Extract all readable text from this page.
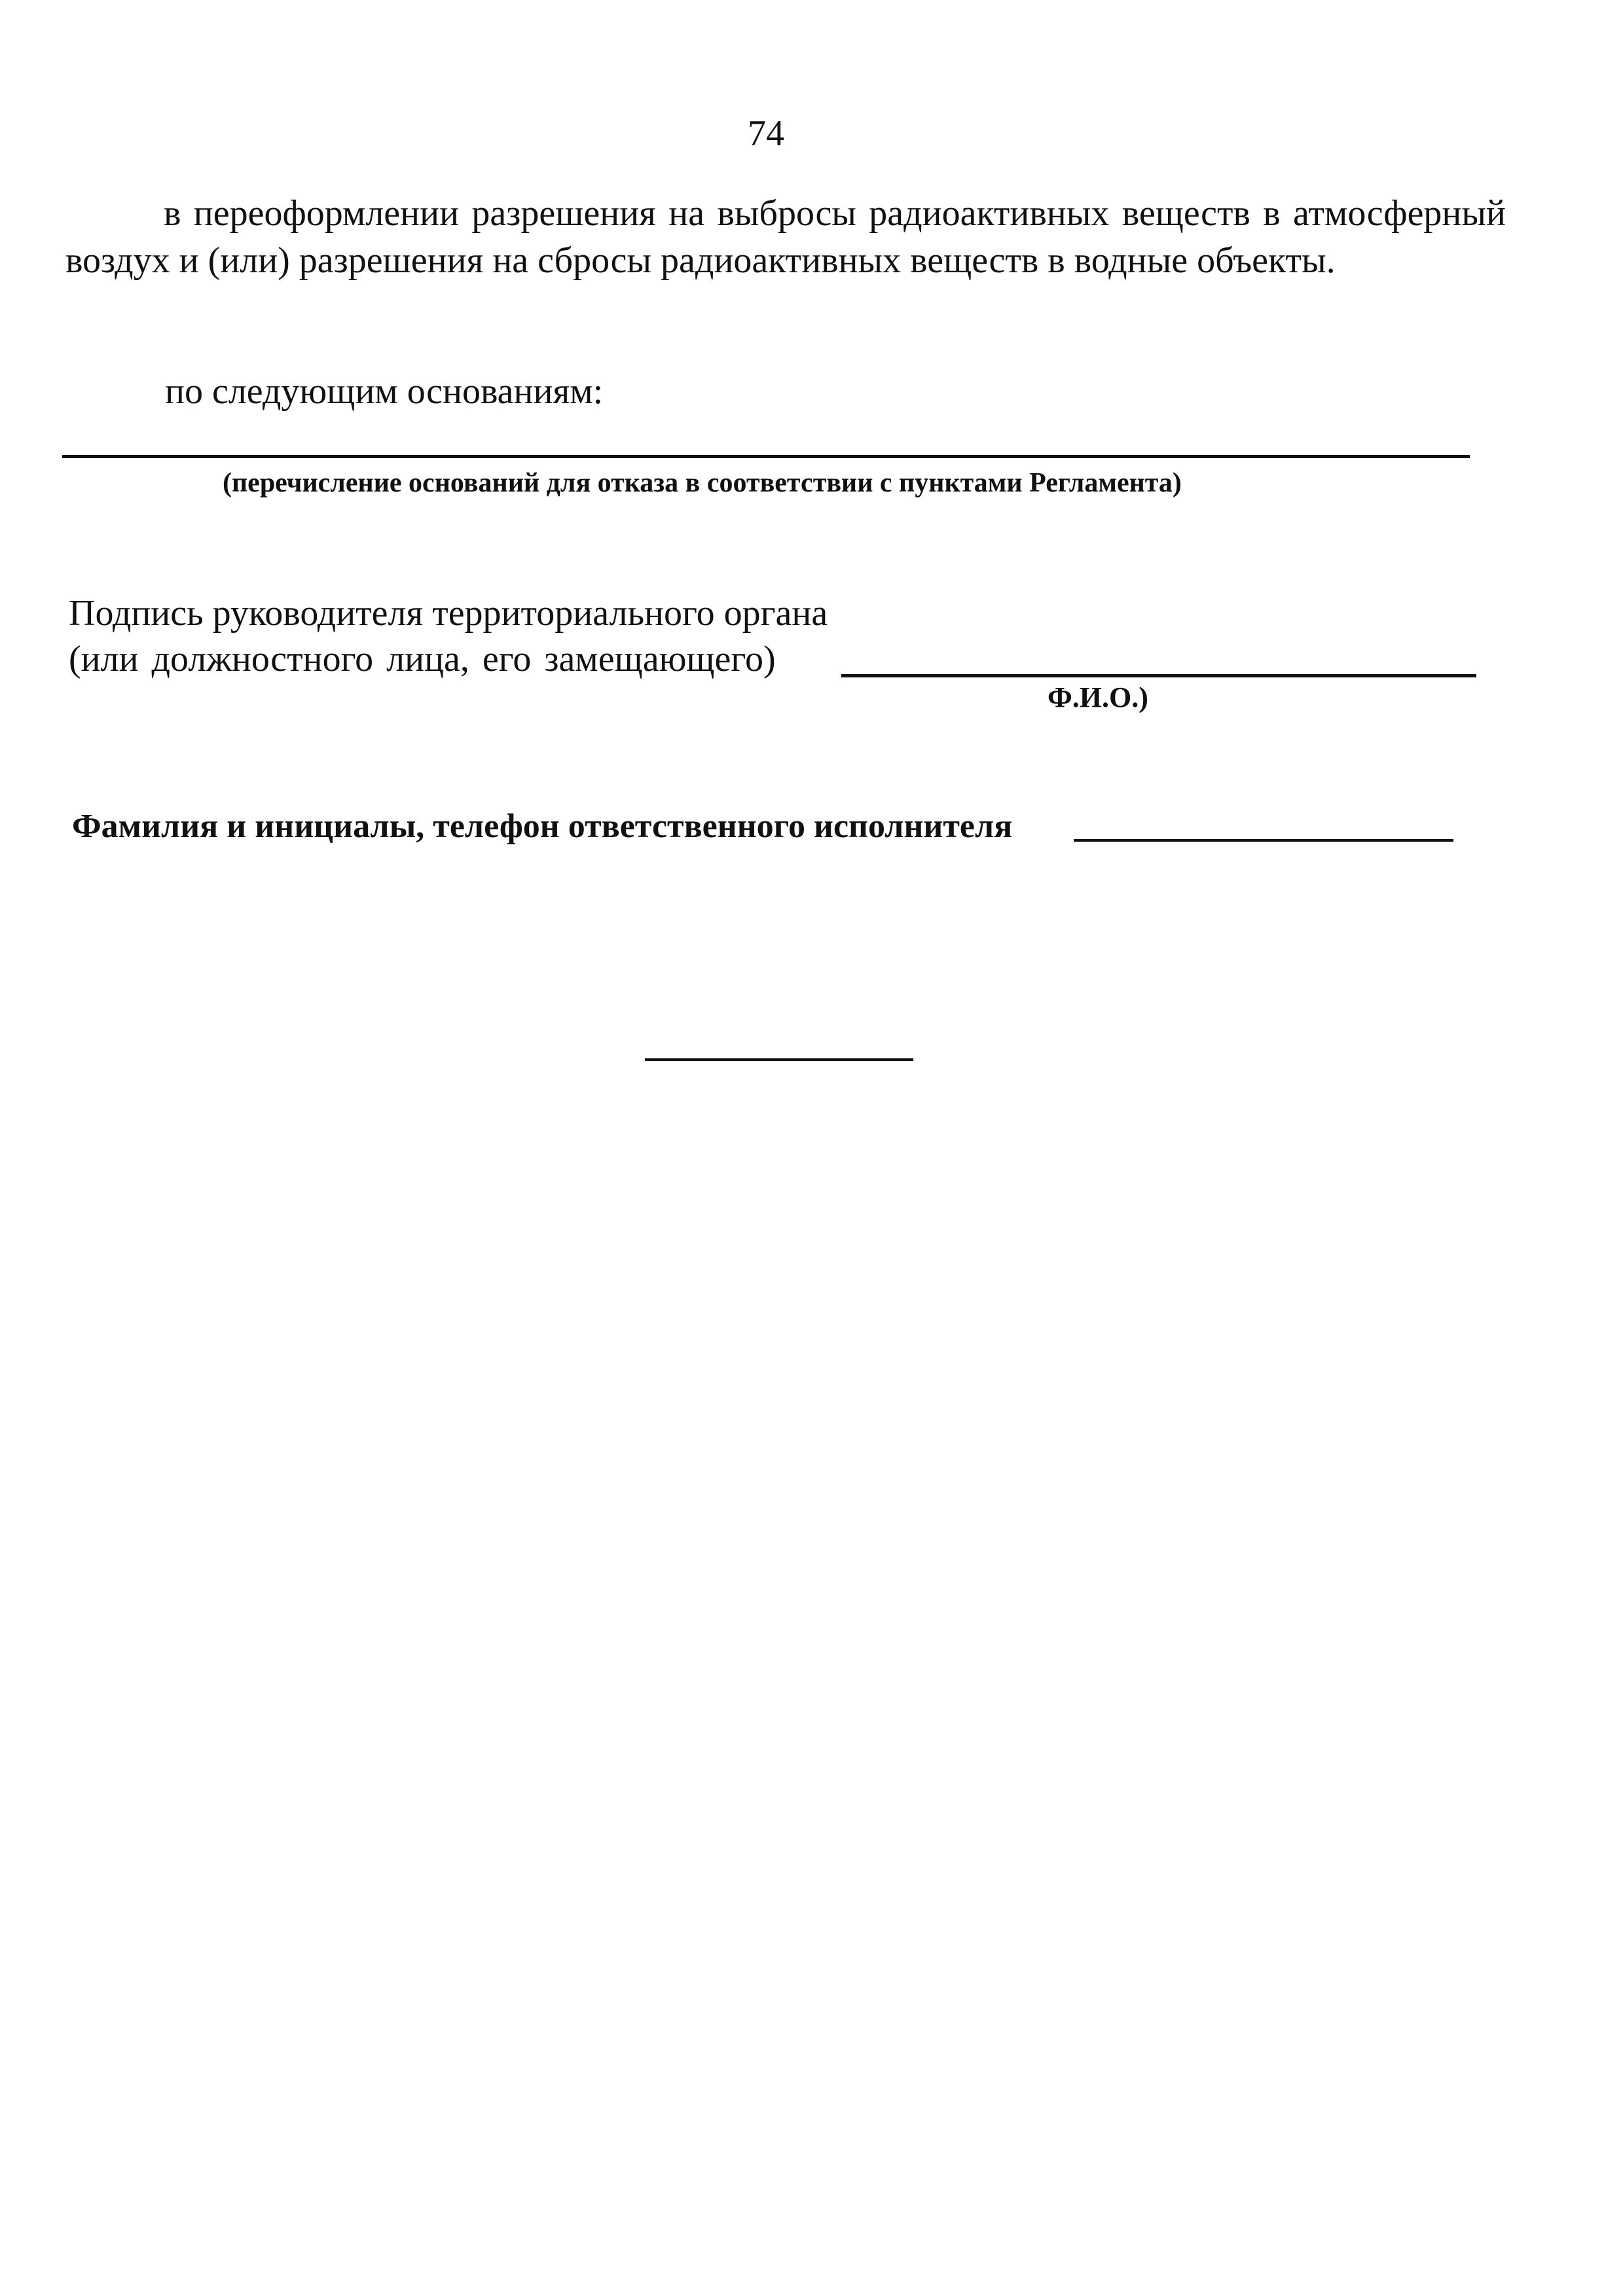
74
в переоформлении разрешения на выбросы радиоактивных веществ в атмосферный воздух и (или) разрешения на сбросы радиоактивных веществ в водные объекты.
по следующим основаниям:
(перечисление оснований для отказа в соответствии с пунктами Регламента)
Подпись руководителя территориального органа
(или должностного лица, его замещающего)
Ф.И.О.)
Фамилия и инициалы, телефон ответственного исполнителя
